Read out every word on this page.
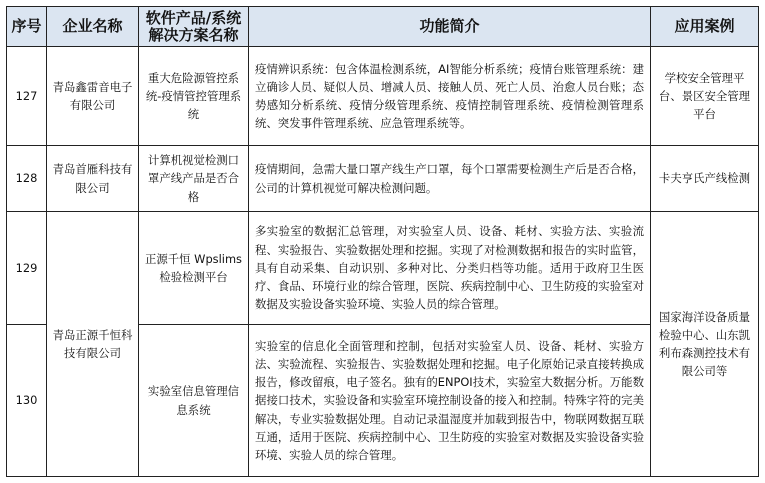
序号	企业名称	软件产品/系统解决方案名称	功能简介	应用案例
127	青岛鑫雷音电子有限公司	重大危险源管控系统-疫情管控管理系统	疫情辨识系统：包含体温检测系统，AI智能分析系统；疫情台账管理系统：建立确诊人员、疑似人员、增减人员、接触人员、死亡人员、治愈人员台账；态势感知分析系统、疫情分级管理系统、疫情控制管理系统、疫情检测管理系统、突发事件管理系统、应急管理系统等。	学校安全管理平台、景区安全管理平台
128	青岛首雁科技有限公司	计算机视觉检测口罩产线产品是否合格	疫情期间，急需大量口罩产线生产口罩，每个口罩需要检测生产后是否合格，公司的计算机视觉可解决检测问题。	卡夫亨氏产线检测
129	青岛正源千恒科技有限公司	正源千恒 Wpslims 检验检测平台	多实验室的数据汇总管理，对实验室人员、设备、耗材、实验方法、实验流程、实验报告、实验数据处理和挖掘。实现了对检测数据和报告的实时监管，具有自动采集、自动识别、多种对比、分类归档等功能。适用于政府卫生医疗、食品、环境行业的综合管理，医院、疾病控制中心、卫生防疫的实验室对数据及实验设备实验环境、实验人员的综合管理。	国家海洋设备质量检验中心、山东凯利布森测控技术有限公司等
130		实验室信息管理信息系统	实验室的信息化全面管理和控制，包括对实验室人员、设备、耗材、实验方法、实验流程、实验报告、实验数据处理和挖掘。电子化原始记录直接转换成报告，修改留痕，电子签名。独有的ENPOI技术，实验室大数据分析。万能数据接口技术，实验设备和实验室环境控制设备的接入和控制。特殊字符的完美解决，专业实验数据处理。自动记录温湿度并加载到报告中，物联网数据互联互通，适用于医院、疾病控制中心、卫生防疫的实验室对数据及实验设备实验环境、实验人员的综合管理。	
